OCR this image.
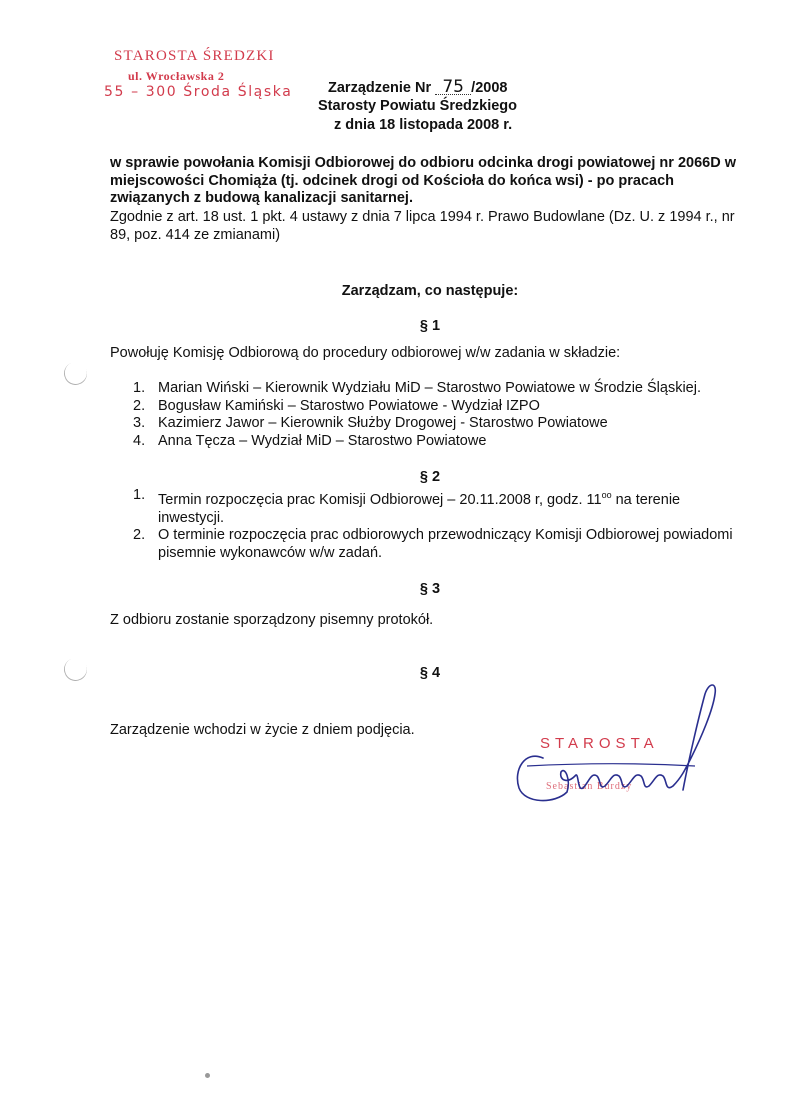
STAROSTA ŚREDZKI
ul. Wrocławska 2
55 – 300 Środa Śląska Zarządzenie Nr 75 /2008
Starosty Powiatu Średzkiego
z dnia 18 listopada 2008 r.
w sprawie powołania Komisji Odbiorowej do odbioru odcinka drogi powiatowej nr 2066D w miejscowości Chomiąża (tj. odcinek drogi od Kościoła do końca wsi) - po pracach związanych z budową kanalizacji sanitarnej.
Zgodnie z art. 18 ust. 1 pkt. 4 ustawy z dnia 7 lipca 1994 r. Prawo Budowlane (Dz. U. z 1994 r., nr 89, poz. 414 ze zmianami)
Zarządzam, co następuje:
§ 1
Powołuję Komisję Odbiorową do procedury odbiorowej w/w zadania w składzie:
1. Marian Wiński – Kierownik Wydziału MiD – Starostwo Powiatowe w Środzie Śląskiej.
2. Bogusław Kamiński – Starostwo Powiatowe - Wydział IZPO
3. Kazimierz Jawor – Kierownik Służby Drogowej - Starostwo Powiatowe
4. Anna Tęcza – Wydział MiD – Starostwo Powiatowe
§ 2
1. Termin rozpoczęcia prac Komisji Odbiorowej – 20.11.2008 r, godz. $11^{oo}$ na terenie inwestycji.
2. O terminie rozpoczęcia prac odbiorowych przewodniczący Komisji Odbiorowej powiadomi pisemnie wykonawców w/w zadań.
§ 3
Z odbioru zostanie sporządzony pisemny protokół.
§ 4
Zarządzenie wchodzi w życie z dniem podjęcia.
STAROSTA
Sebastian Burdzy
